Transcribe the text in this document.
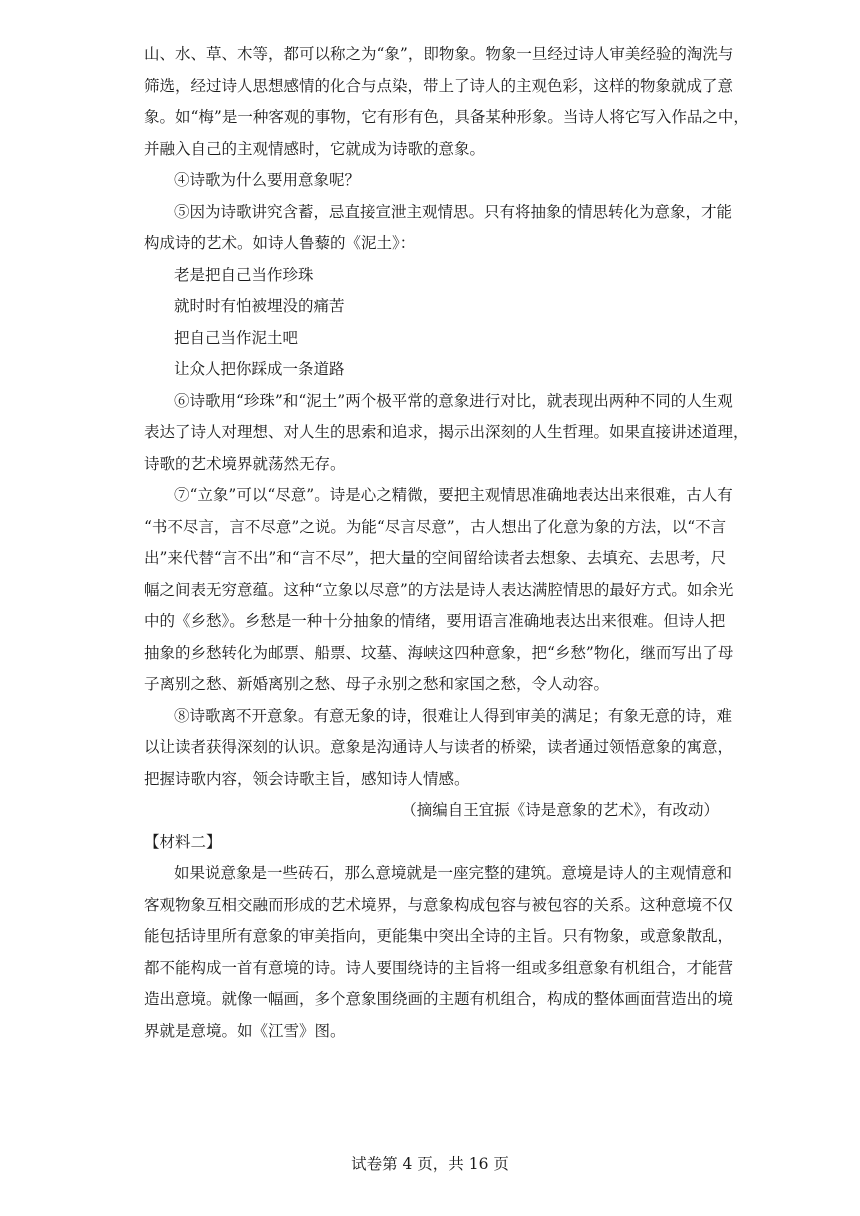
山、水、草、木等，都可以称之为“象”，即物象。物象一旦经过诗人审美经验的淘洗与
筛选，经过诗人思想感情的化合与点染，带上了诗人的主观色彩，这样的物象就成了意
象。如“梅”是一种客观的事物，它有形有色，具备某种形象。当诗人将它写入作品之中，
并融入自己的主观情感时，它就成为诗歌的意象。
④诗歌为什么要用意象呢？
⑤因为诗歌讲究含蓄，忌直接宣泄主观情思。只有将抽象的情思转化为意象，才能
构成诗的艺术。如诗人鲁藜的《泥土》：
老是把自己当作珍珠
就时时有怕被埋没的痛苦
把自己当作泥土吧
让众人把你踩成一条道路
⑥诗歌用“珍珠”和“泥土”两个极平常的意象进行对比，就表现出两种不同的人生观
表达了诗人对理想、对人生的思索和追求，揭示出深刻的人生哲理。如果直接讲述道理，
诗歌的艺术境界就荡然无存。
⑦“立象”可以“尽意”。诗是心之精微，要把主观情思准确地表达出来很难，古人有
“书不尽言，言不尽意”之说。为能“尽言尽意”，古人想出了化意为象的方法，以“不言
出”来代替“言不出”和“言不尽”，把大量的空间留给读者去想象、去填充、去思考，尺
幅之间表无穷意蕴。这种“立象以尽意”的方法是诗人表达满腔情思的最好方式。如余光
中的《乡愁》。乡愁是一种十分抽象的情绪，要用语言准确地表达出来很难。但诗人把
抽象的乡愁转化为邮票、船票、坟墓、海峡这四种意象，把“乡愁”物化，继而写出了母
子离别之愁、新婚离别之愁、母子永别之愁和家国之愁，令人动容。
⑧诗歌离不开意象。有意无象的诗，很难让人得到审美的满足；有象无意的诗，难
以让读者获得深刻的认识。意象是沟通诗人与读者的桥梁，读者通过领悟意象的寓意，
把握诗歌内容，领会诗歌主旨，感知诗人情感。
（摘编自王宜振《诗是意象的艺术》，有改动）
【材料二】
如果说意象是一些砖石，那么意境就是一座完整的建筑。意境是诗人的主观情意和
客观物象互相交融而形成的艺术境界，与意象构成包容与被包容的关系。这种意境不仅
能包括诗里所有意象的审美指向，更能集中突出全诗的主旨。只有物象，或意象散乱，
都不能构成一首有意境的诗。诗人要围绕诗的主旨将一组或多组意象有机组合，才能营
造出意境。就像一幅画，多个意象围绕画的主题有机组合，构成的整体画面营造出的境
界就是意境。如《江雪》图。
试卷第 4 页，共 16 页
